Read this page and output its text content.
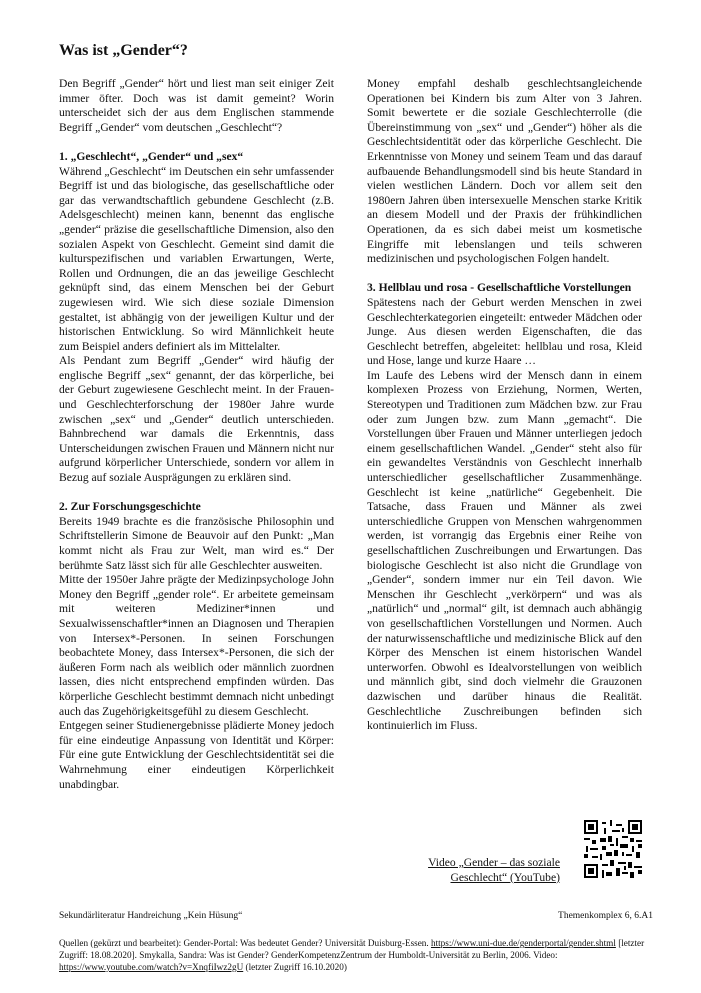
Was ist „Gender“?

Den Begriff „Gender“ hört und liest man seit einiger Zeit immer öfter. Doch was ist damit gemeint? Worin unterscheidet sich der aus dem Englischen stammende Begriff „Gender“ vom deutschen „Geschlecht“?

1. „Geschlecht“, „Gender“ und „sex“

Während „Geschlecht“ im Deutschen ein sehr umfassender Begriff ist und das biologische, das gesellschaftliche oder gar das verwandtschaftlich gebundene Geschlecht (z.B. Adelsgeschlecht) meinen kann, benennt das englische „gender“ präzise die gesellschaftliche Dimension, also den sozialen Aspekt von Geschlecht. Gemeint sind damit die kulturspezifischen und variablen Erwartungen, Werte, Rollen und Ordnungen, die an das jeweilige Geschlecht geknüpft sind, das einem Menschen bei der Geburt zugewiesen wird. Wie sich diese soziale Dimension gestaltet, ist abhängig von der jeweiligen Kultur und der historischen Entwicklung. So wird Männlichkeit heute zum Beispiel anders definiert als im Mittelalter.

Als Pendant zum Begriff „Gender“ wird häufig der englische Begriff „sex“ genannt, der das körperliche, bei der Geburt zugewiesene Geschlecht meint. In der Frauen- und Geschlechterforschung der 1980er Jahre wurde zwischen „sex“ und „Gender“ deutlich unterschieden. Bahnbrechend war damals die Erkenntnis, dass Unterscheidungen zwischen Frauen und Männern nicht nur aufgrund körperlicher Unterschiede, sondern vor allem in Bezug auf soziale Ausprägungen zu erklären sind.

2. Zur Forschungsgeschichte

Bereits 1949 brachte es die französische Philosophin und Schriftstellerin Simone de Beauvoir auf den Punkt: „Man kommt nicht als Frau zur Welt, man wird es.“ Der berühmte Satz lässt sich für alle Geschlechter ausweiten.

Mitte der 1950er Jahre prägte der Medizinpsychologe John Money den Begriff „gender role“. Er arbeitete gemeinsam mit weiteren Mediziner*innen und Sexualwissenschaftler*innen an Diagnosen und Therapien von Intersex*-Personen. In seinen Forschungen beobachtete Money, dass Intersex*-Personen, die sich der äußeren Form nach als weiblich oder männlich zuordnen lassen, dies nicht entsprechend empfinden würden. Das körperliche Geschlecht bestimmt demnach nicht unbedingt auch das Zugehörigkeitsgefühl zu diesem Geschlecht.

Entgegen seiner Studienergebnisse plädierte Money jedoch für eine eindeutige Anpassung von Identität und Körper: Für eine gute Entwicklung der Geschlechtsidentität sei die Wahrnehmung einer eindeutigen Körperlichkeit unabdingbar.

Money empfahl deshalb geschlechtsangleichende Operationen bei Kindern bis zum Alter von 3 Jahren. Somit bewertete er die soziale Geschlechterrolle (die Übereinstimmung von „sex“ und „Gender“) höher als die Geschlechtsidentität oder das körperliche Geschlecht. Die Erkenntnisse von Money und seinem Team und das darauf aufbauende Behandlungsmodell sind bis heute Standard in vielen westlichen Ländern. Doch vor allem seit den 1980ern Jahren üben intersexuelle Menschen starke Kritik an diesem Modell und der Praxis der frühkindlichen Operationen, da es sich dabei meist um kosmetische Eingriffe mit lebenslangen und teils schweren medizinischen und psychologischen Folgen handelt.

3. Hellblau und rosa - Gesellschaftliche Vorstellungen

Spätestens nach der Geburt werden Menschen in zwei Geschlechterkategorien eingeteilt: entweder Mädchen oder Junge. Aus diesen werden Eigenschaften, die das Geschlecht betreffen, abgeleitet: hellblau und rosa, Kleid und Hose, lange und kurze Haare …

Im Laufe des Lebens wird der Mensch dann in einem komplexen Prozess von Erziehung, Normen, Werten, Stereotypen und Traditionen zum Mädchen bzw. zur Frau oder zum Jungen bzw. zum Mann „gemacht“. Die Vorstellungen über Frauen und Männer unterliegen jedoch einem gesellschaftlichen Wandel. „Gender“ steht also für ein gewandeltes Verständnis von Geschlecht innerhalb unterschiedlicher gesellschaftlicher Zusammenhänge. Geschlecht ist keine „natürliche“ Gegebenheit. Die Tatsache, dass Frauen und Männer als zwei unterschiedliche Gruppen von Menschen wahrgenommen werden, ist vorrangig das Ergebnis einer Reihe von gesellschaftlichen Zuschreibungen und Erwartungen. Das biologische Geschlecht ist also nicht die Grundlage von „Gender“, sondern immer nur ein Teil davon. Wie Menschen ihr Geschlecht „verkörpern“ und was als „natürlich“ und „normal“ gilt, ist demnach auch abhängig von gesellschaftlichen Vorstellungen und Normen. Auch der naturwissenschaftliche und medizinische Blick auf den Körper des Menschen ist einem historischen Wandel unterworfen. Obwohl es Idealvorstellungen von weiblich und männlich gibt, sind doch vielmehr die Grauzonen dazwischen und darüber hinaus die Realität. Geschlechtliche Zuschreibungen befinden sich kontinuierlich im Fluss.

Video „Gender – das soziale
Geschlecht“ (YouTube)
Sekundärliteratur Handreichung „Kein Hüsung“	Themenkomplex 6, 6.A1
Quellen (gekürzt und bearbeitet): Gender-Portal: Was bedeutet Gender? Universität Duisburg-Essen. https://www.uni-due.de/genderportal/gender.shtml [letzter Zugriff: 18.08.2020]. Smykalla, Sandra: Was ist Gender? GenderKompetenzZentrum der Humboldt-Universität zu Berlin, 2006. Video: https://www.youtube.com/watch?v=XnqfiIwz2gU (letzter Zugriff 16.10.2020)
